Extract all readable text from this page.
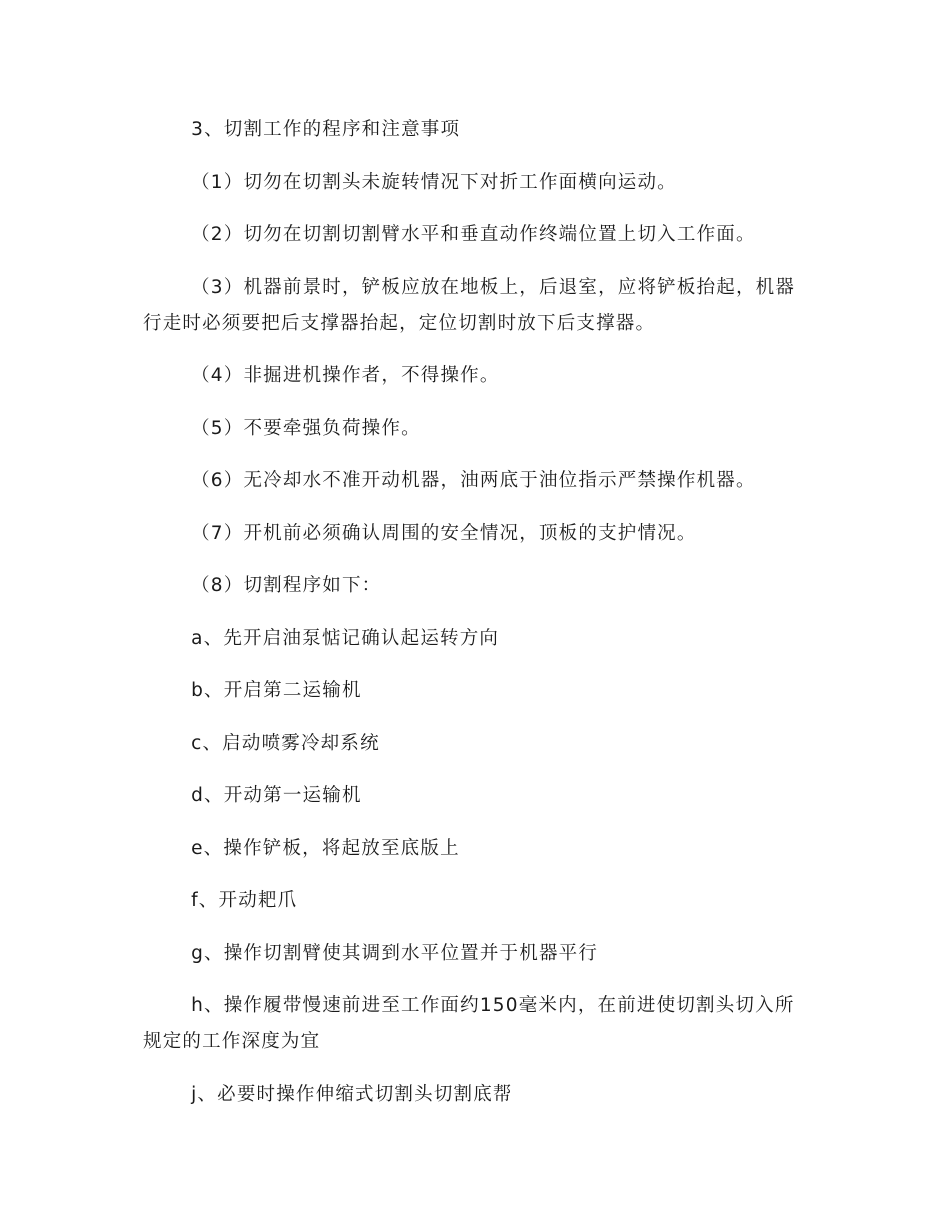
3、切割工作的程序和注意事项

（1）切勿在切割头未旋转情况下对折工作面横向运动。

（2）切勿在切割切割臂水平和垂直动作终端位置上切入工作面。

（3）机器前景时，铲板应放在地板上，后退室，应将铲板抬起，机器行走时必须要把后支撑器抬起，定位切割时放下后支撑器。

（4）非掘进机操作者，不得操作。

（5）不要牵强负荷操作。

（6）无冷却水不准开动机器，油两底于油位指示严禁操作机器。

（7）开机前必须确认周围的安全情况，顶板的支护情况。

（8）切割程序如下：

a、先开启油泵惦记确认起运转方向

b、开启第二运输机

c、启动喷雾冷却系统

d、开动第一运输机

e、操作铲板，将起放至底版上

f、开动耙爪

g、操作切割臂使其调到水平位置并于机器平行

h、操作履带慢速前进至工作面约150毫米内，在前进使切割头切入所规定的工作深度为宜

j、必要时操作伸缩式切割头切割底帮
